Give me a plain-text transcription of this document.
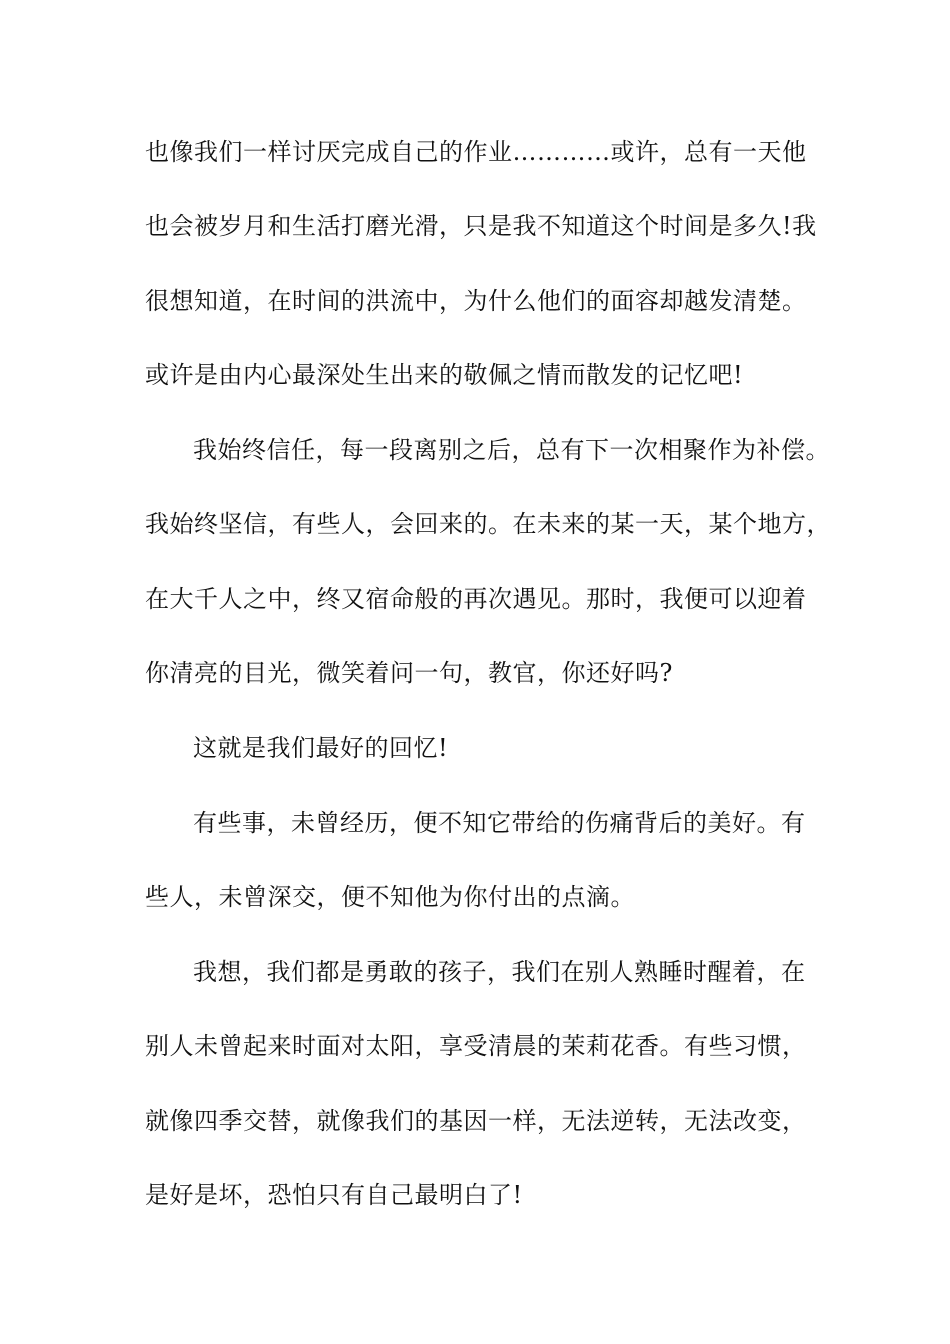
也像我们一样讨厌完成自己的作业…………或许，总有一天他
也会被岁月和生活打磨光滑，只是我不知道这个时间是多久!我
很想知道，在时间的洪流中，为什么他们的面容却越发清楚。
或许是由内心最深处生出来的敬佩之情而散发的记忆吧!
我始终信任，每一段离别之后，总有下一次相聚作为补偿。
我始终坚信，有些人，会回来的。在未来的某一天，某个地方，
在大千人之中，终又宿命般的再次遇见。那时，我便可以迎着
你清亮的目光，微笑着问一句，教官，你还好吗?
这就是我们最好的回忆!
有些事，未曾经历，便不知它带给的伤痛背后的美好。有
些人，未曾深交，便不知他为你付出的点滴。
我想，我们都是勇敢的孩子，我们在别人熟睡时醒着，在
别人未曾起来时面对太阳，享受清晨的茉莉花香。有些习惯，
就像四季交替，就像我们的基因一样，无法逆转，无法改变，
是好是坏，恐怕只有自己最明白了!
